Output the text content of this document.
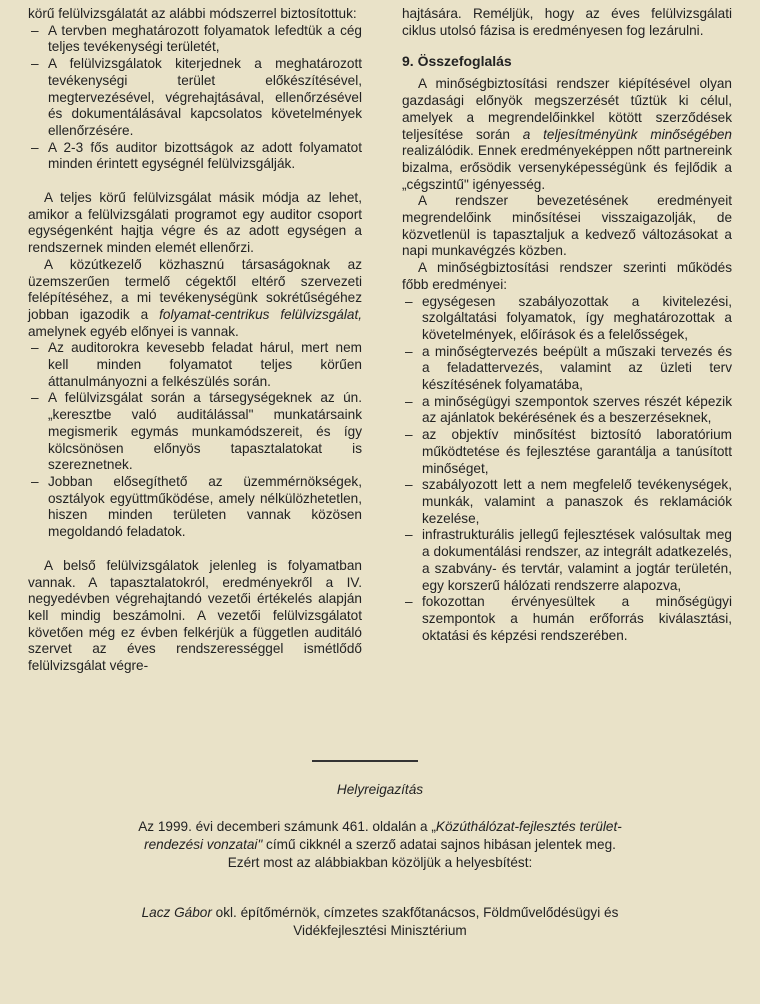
körű felülvizsgálatát az alábbi módszerrel biztosítottuk:

– A tervben meghatározott folyamatok lefedtük a cég teljes tevékenységi területét,
– A felülvizsgálatok kiterjednek a meghatározott tevékenységi terület előkészítésével, megtervezésével, végrehajtásával, ellenőrzésével és dokumentálásával kapcsolatos követelmények ellenőrzésére.
– A 2-3 fős auditor bizottságok az adott folyamatot minden érintett egységnél felülvizsgálják.

A teljes körű felülvizsgálat másik módja az lehet, amikor a felülvizsgálati programot egy auditor csoport egységenként hajtja végre és az adott egységen a rendszernek minden elemét ellenőrzi.

A közútkezelő közhasznú társaságoknak az üzemszerűen termelő cégektől eltérő szervezeti felépítéséhez, a mi tevékenységünk sokrétűségéhez jobban igazodik a folyamat-centrikus felülvizsgálat, amelynek egyéb előnyei is vannak.

– Az auditorokra kevesebb feladat hárul, mert nem kell minden folyamatot teljes körűen áttanulmányozni a felkészülés során.
– A felülvizsgálat során a társegységeknek az ún. „keresztbe való auditálással" munkatársaink megismerik egymás munkamódszereit, és így kölcsönösen előnyös tapasztalatokat is szereznetnek.
– Jobban elősegíthető az üzemmérnökségek, osztályok együttműködése, amely nélkülözhetetlen, hiszen minden területen vannak közösen megoldandó feladatok.

A belső felülvizsgálatok jelenleg is folyamatban vannak. A tapasztalatokról, eredményekről a IV. negyedévben végrehajtandó vezetői értékelés alapján kell mindig beszámolni. A vezetői felülvizsgálatot követően még ez évben felkérjük a független auditáló szervet az éves rendszerességgel ismétlődő felülvizsgálat végre-

hajtására. Reméljük, hogy az éves felülvizsgálati ciklus utolsó fázisa is eredményesen fog lezárulni.

9. Összefoglalás

A minőségbiztosítási rendszer kiépítésével olyan gazdasági előnyök megszerzését tűztük ki célul, amelyek a megrendelőinkkel kötött szerződések teljesítése során a teljesítményünk minőségében realizálódik. Ennek eredményeképpen nőtt partnereink bizalma, erősödik versenyképességünk és fejlődik a „cégszintű" igényesség.

A rendszer bevezetésének eredményeit megrendelőink minősítései visszaigazolják, de közvetlenül is tapasztaljuk a kedvező változásokat a napi munkavégzés közben.

A minőségbiztosítási rendszer szerinti működés főbb eredményei:

– egységesen szabályozottak a kivitelezési, szolgáltatási folyamatok, így meghatározottak a követelmények, előírások és a felelősségek,
– a minőségtervezés beépült a műszaki tervezés és a feladattervezés, valamint az üzleti terv készítésének folyamatába,
– a minőségügyi szempontok szerves részét képezik az ajánlatok bekérésének és a beszerzéseknek,
– az objektív minősítést biztosító laboratórium működtetése és fejlesztése garantálja a tanúsított minőséget,
– szabályozott lett a nem megfelelő tevékenységek, munkák, valamint a panaszok és reklamációk kezelése,
– infrastrukturális jellegű fejlesztések valósultak meg a dokumentálási rendszer, az integrált adatkezelés, a szabvány- és tervtár, valamint a jogtár területén, egy korszerű hálózati rendszerre alapozva,
– fokozottan érvényesültek a minőségügyi szempontok a humán erőforrás kiválasztási, oktatási és képzési rendszerében.
Helyreigazítás
Az 1999. évi decemberi számunk 461. oldalán a „Közúthálózat-fejlesztés terület-
rendezési vonzatai" című cikknél a szerző adatai sajnos hibásan jelentek meg.
Ezért most az alábbiakban közöljük a helyesbítést:
Lacz Gábor okl. építőmérnök, címzetes szakfőtanácsos, Földművelődésügyi és
Vidékfejlesztési Minisztérium
